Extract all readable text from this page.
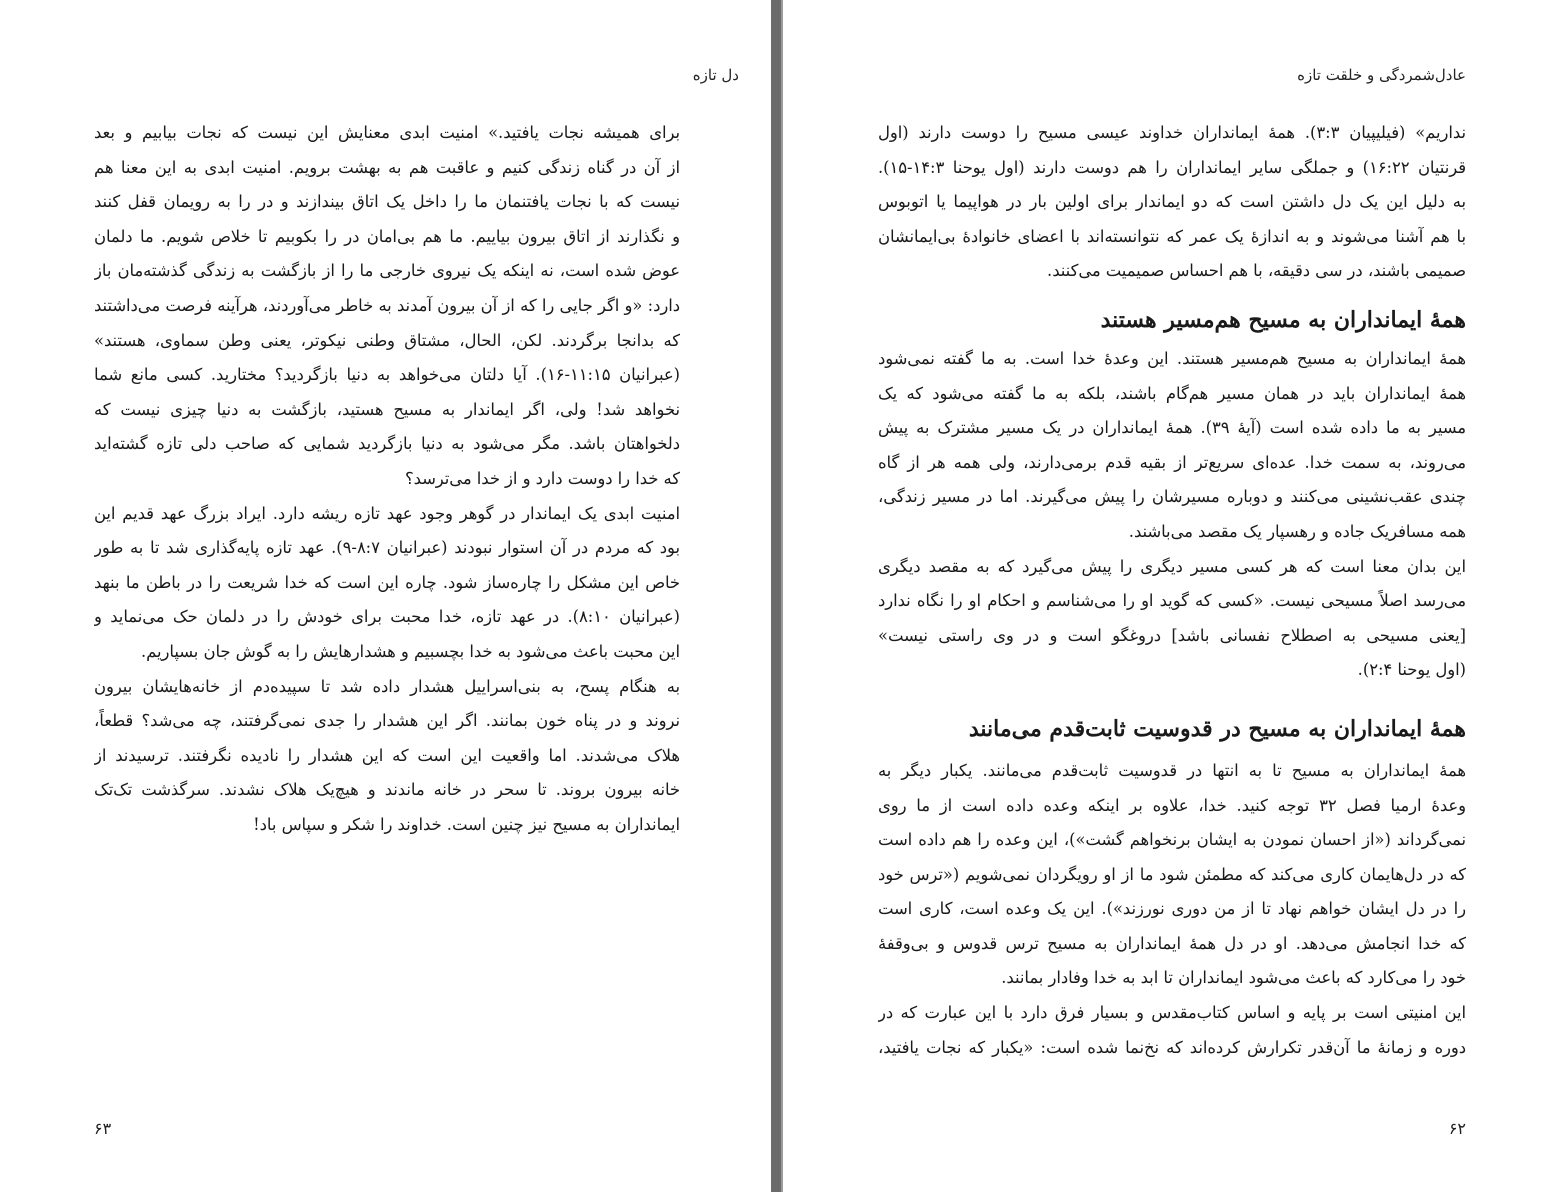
دل تازه
برای همیشه نجات یافتید.» امنیت ابدی معنایش این نیست که نجات بیابیم و بعد
از آن در گناه زندگی کنیم و عاقبت هم به بهشت برویم. امنیت ابدی به این معنا هم
نیست که با نجات یافتنمان ما را داخل یک اتاق بیندازند و در را به رویمان قفل کنند
و نگذارند از اتاق بیرون بیاییم. ما هم بی‌امان در را بکوبیم تا خلاص شویم. ما دلمان
عوض شده است، نه اینکه یک نیروی خارجی ما را از بازگشت به زندگی گذشته‌مان باز
دارد: «و اگر جایی را که از آن بیرون آمدند به خاطر می‌آوردند، هرآینه فرصت می‌داشتند
که بدانجا برگردند. لکن، الحال، مشتاق وطنی نیکوتر، یعنی وطن سماوی، هستند»
(عبرانیان ۱۱:۱۵-۱۶). آیا دلتان می‌خواهد به دنیا بازگردید؟ مختارید. کسی مانع شما
نخواهد شد! ولی، اگر ایماندار به مسیح هستید، بازگشت به دنیا چیزی نیست که
دلخواهتان باشد. مگر می‌شود به دنیا بازگردید شمایی که صاحب دلی تازه گشته‌اید
که خدا را دوست دارد و از خدا می‌ترسد؟
امنیت ابدی یک ایماندار در گوهر وجود عهد تازه ریشه دارد. ایراد بزرگ عهد قدیم این
بود که مردم در آن استوار نبودند (عبرانیان ۸:۷-۹). عهد تازه پایه‌گذاری شد تا به طور
خاص این مشکل را چاره‌ساز شود. چاره این است که خدا شریعت را در باطن ما بنهد
(عبرانیان ۸:۱۰). در عهد تازه، خدا محبت برای خودش را در دلمان حک می‌نماید و
این محبت باعث می‌شود به خدا بچسبیم و هشدارهایش را به گوش جان بسپاریم.
به هنگام پسح، به بنی‌اسراییل هشدار داده شد تا سپیده‌دم از خانه‌هایشان بیرون
نروند و در پناه خون بمانند. اگر این هشدار را جدی نمی‌گرفتند، چه می‌شد؟ قطعاً،
هلاک می‌شدند. اما واقعیت این است که این هشدار را نادیده نگرفتند. ترسیدند از
خانه بیرون بروند. تا سحر در خانه ماندند و هیچ‌یک هلاک نشدند. سرگذشت تک‌تک
ایمانداران به مسیح نیز چنین است. خداوند را شکر و سپاس باد!
۶۳
عادل‌شمردگی و خلقت تازه
نداریم» (فیلیپیان ۳:۳). همهٔ ایمانداران خداوند عیسی مسیح را دوست دارند (اول
قرنتیان ۱۶:۲۲) و جملگی سایر ایمانداران را هم دوست دارند (اول یوحنا ۱۴:۳-۱۵).
به دلیل این یک دل داشتن است که دو ایماندار برای اولین بار در هواپیما یا اتوبوس
با هم آشنا می‌شوند و به اندازهٔ یک عمر که نتوانسته‌اند با اعضای خانوادهٔ بی‌ایمانشان
صمیمی باشند، در سی دقیقه، با هم احساس صمیمیت می‌کنند.
همهٔ ایمانداران به مسیح هم‌مسیر هستند
همهٔ ایمانداران به مسیح هم‌مسیر هستند. این وعدهٔ خدا است. به ما گفته نمی‌شود
همهٔ ایمانداران باید در همان مسیر هم‌گام باشند، بلکه به ما گفته می‌شود که یک
مسیر به ما داده شده است (آیهٔ ۳۹). همهٔ ایمانداران در یک مسیر مشترک به پیش
می‌روند، به سمت خدا. عده‌ای سریع‌تر از بقیه قدم برمی‌دارند، ولی همه هر از گاه
چندی عقب‌نشینی می‌کنند و دوباره مسیرشان را پیش می‌گیرند. اما در مسیر زندگی،
همه مسافریک جاده و رهسپار یک مقصد می‌باشند.
این بدان معنا است که هر کسی مسیر دیگری را پیش می‌گیرد که به مقصد دیگری
می‌رسد اصلاً مسیحی نیست. «کسی که گوید او را می‌شناسم و احکام او را نگاه ندارد
[یعنی مسیحی به اصطلاح نفسانی باشد] دروغگو است و در وی راستی نیست»
(اول یوحنا ۲:۴).
همهٔ ایمانداران به مسیح در قدوسیت ثابت‌قدم می‌مانند
همهٔ ایمانداران به مسیح تا به انتها در قدوسیت ثابت‌قدم می‌مانند. یکبار دیگر به
وعدهٔ ارمیا فصل ۳۲ توجه کنید. خدا، علاوه بر اینکه وعده داده است از ما روی
نمی‌گرداند («از احسان نمودن به ایشان برنخواهم گشت»)، این وعده را هم داده است
که در دل‌هایمان کاری می‌کند که مطمئن شود ما از او رویگردان نمی‌شویم («ترس خود
را در دل ایشان خواهم نهاد تا از من دوری نورزند»). این یک وعده است، کاری است
که خدا انجامش می‌دهد. او در دل همهٔ ایمانداران به مسیح ترس قدوس و بی‌وقفهٔ
خود را می‌کارد که باعث می‌شود ایمانداران تا ابد به خدا وفادار بمانند.
این امنیتی است بر پایه و اساس کتاب‌مقدس و بسیار فرق دارد با این عبارت که در
دوره و زمانهٔ ما آن‌قدر تکرارش کرده‌اند که نخ‌نما شده است: «یکبار که نجات یافتید،
۶۲
